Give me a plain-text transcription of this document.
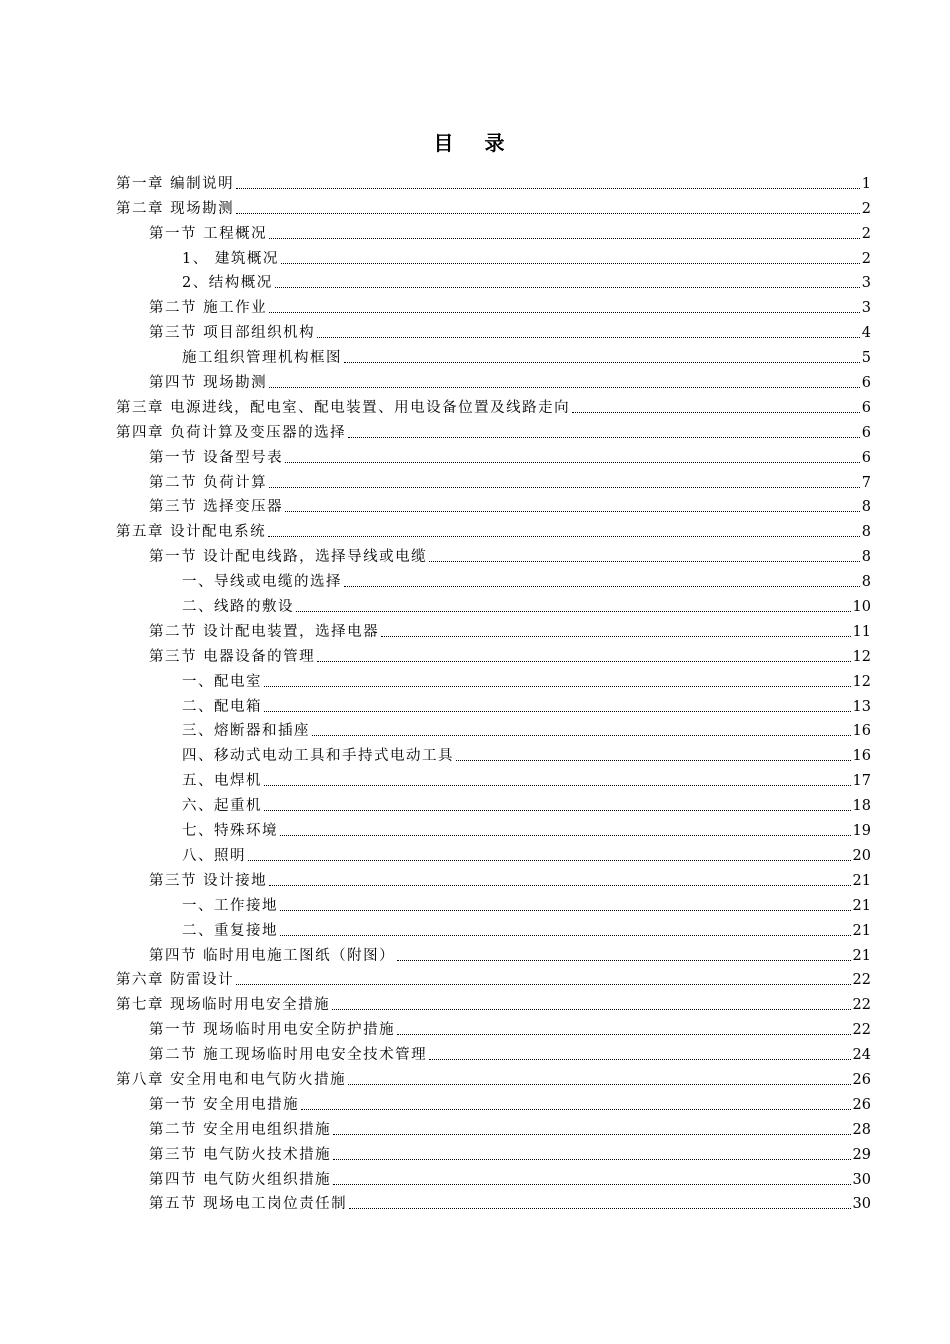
目 录
第一章 编制说明	1
第二章 现场勘测	2
第一节 工程概况	2
1、 建筑概况	2
2、结构概况	3
第二节 施工作业	3
第三节 项目部组织机构	4
施工组织管理机构框图	5
第四节 现场勘测	6
第三章 电源进线，配电室、配电装置、用电设备位置及线路走向	6
第四章 负荷计算及变压器的选择	6
第一节 设备型号表	6
第二节 负荷计算	7
第三节 选择变压器	8
第五章 设计配电系统	8
第一节 设计配电线路，选择导线或电缆	8
一、导线或电缆的选择	8
二、线路的敷设	10
第二节 设计配电装置，选择电器	11
第三节 电器设备的管理	12
一、配电室	12
二、配电箱	13
三、熔断器和插座	16
四、移动式电动工具和手持式电动工具	16
五、电焊机	17
六、起重机	18
七、特殊环境	19
八、照明	20
第三节 设计接地	21
一、工作接地	21
二、重复接地	21
第四节 临时用电施工图纸（附图）	21
第六章 防雷设计	22
第七章 现场临时用电安全措施	22
第一节 现场临时用电安全防护措施	22
第二节 施工现场临时用电安全技术管理	24
第八章 安全用电和电气防火措施	26
第一节 安全用电措施	26
第二节 安全用电组织措施	28
第三节 电气防火技术措施	29
第四节 电气防火组织措施	30
第五节 现场电工岗位责任制	30
